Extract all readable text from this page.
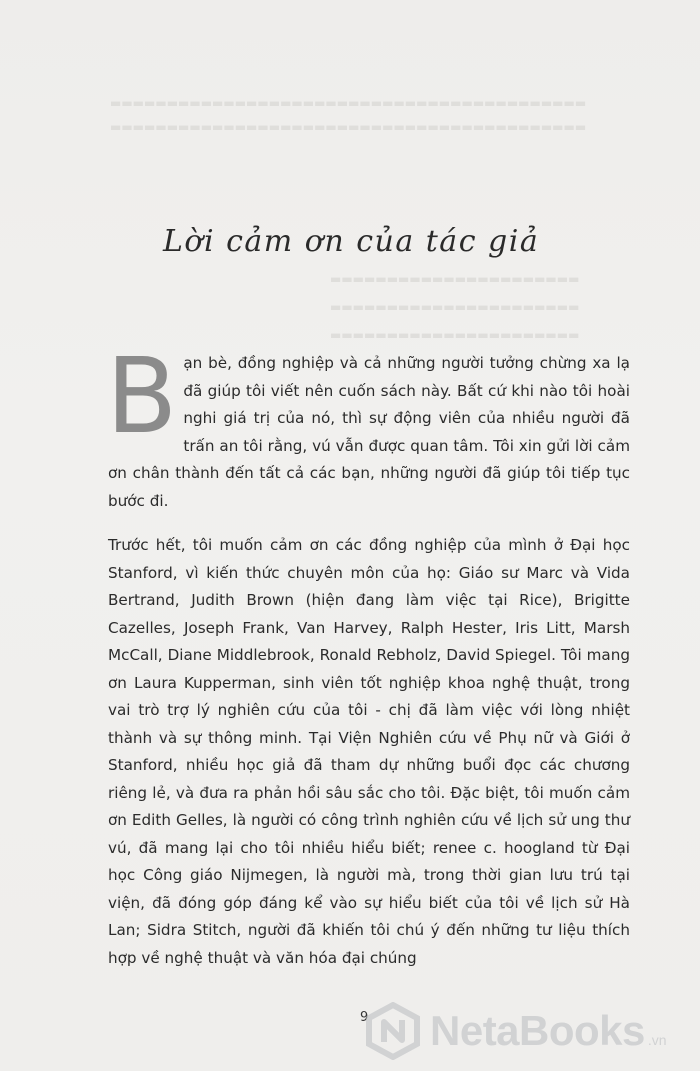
▬▬▬▬▬▬▬▬▬▬▬▬▬▬▬▬▬▬▬▬▬▬▬▬▬▬▬▬▬▬▬▬▬▬▬▬▬▬▬▬▬▬
▬▬▬▬▬▬▬▬▬▬▬▬▬▬▬▬▬▬▬▬▬▬▬▬▬▬▬▬▬▬▬▬▬▬▬▬▬▬▬▬▬▬
▬▬▬▬▬▬▬▬▬▬▬▬▬▬▬▬▬▬▬▬▬▬
▬▬▬▬▬▬▬▬▬▬▬▬▬▬▬▬▬▬▬▬▬▬
▬▬▬▬▬▬▬▬▬▬▬▬▬▬▬▬▬▬▬▬▬▬
Lời cảm ơn của tác giả

Bạn bè, đồng nghiệp và cả những người tưởng chừng xa lạ đã giúp tôi viết nên cuốn sách này. Bất cứ khi nào tôi hoài nghi giá trị của nó, thì sự động viên của nhiều người đã trấn an tôi rằng, vú vẫn được quan tâm. Tôi xin gửi lời cảm ơn chân thành đến tất cả các bạn, những người đã giúp tôi tiếp tục bước đi.

Trước hết, tôi muốn cảm ơn các đồng nghiệp của mình ở Đại học Stanford, vì kiến thức chuyên môn của họ: Giáo sư Marc và Vida Bertrand, Judith Brown (hiện đang làm việc tại Rice), Brigitte Cazelles, Joseph Frank, Van Harvey, Ralph Hester, Iris Litt, Marsh McCall, Diane Middlebrook, Ronald Rebholz, David Spiegel. Tôi mang ơn Laura Kupperman, sinh viên tốt nghiệp khoa nghệ thuật, trong vai trò trợ lý nghiên cứu của tôi - chị đã làm việc với lòng nhiệt thành và sự thông minh. Tại Viện Nghiên cứu về Phụ nữ và Giới ở Stanford, nhiều học giả đã tham dự những buổi đọc các chương riêng lẻ, và đưa ra phản hồi sâu sắc cho tôi. Đặc biệt, tôi muốn cảm ơn Edith Gelles, là người có công trình nghiên cứu về lịch sử ung thư vú, đã mang lại cho tôi nhiều hiểu biết; renee c. hoogland từ Đại học Công giáo Nijmegen, là người mà, trong thời gian lưu trú tại viện, đã đóng góp đáng kể vào sự hiểu biết của tôi về lịch sử Hà Lan; Sidra Stitch, người đã khiến tôi chú ý đến những tư liệu thích hợp về nghệ thuật và văn hóa đại chúng

9 NetaBooks .vn
